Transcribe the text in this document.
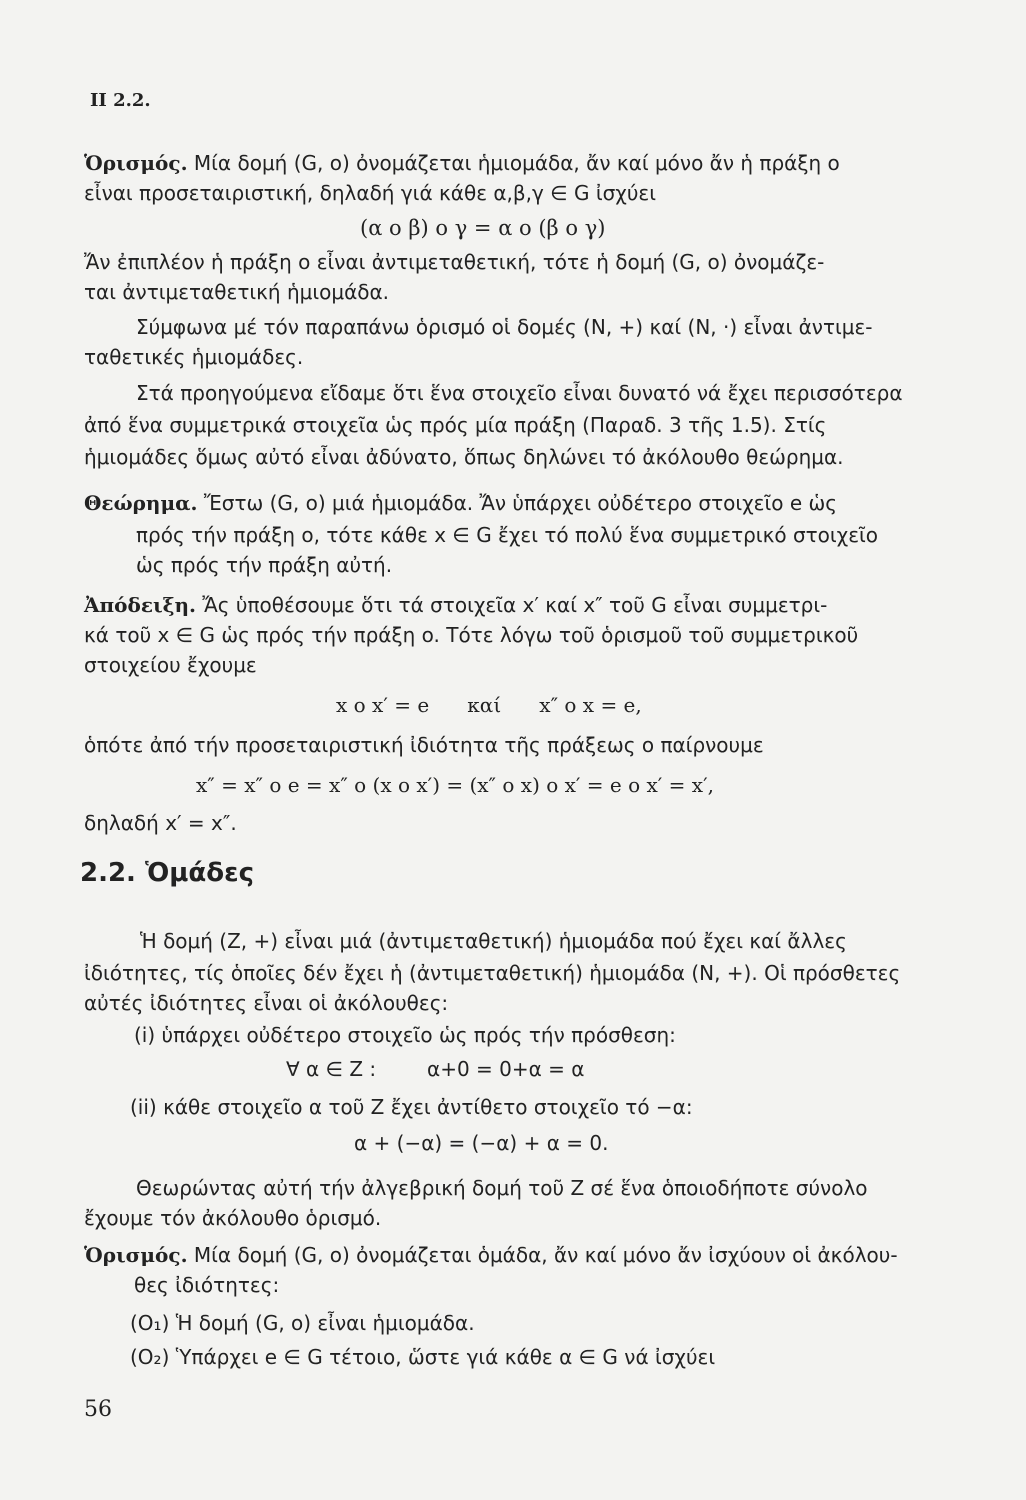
II 2.2.
Ὁρισμός. Μία δομή (G, o) ὀνομάζεται ἡμιομάδα, ἄν καί μόνο ἄν ἡ πράξη o
εἶναι προσεταιριστική, δηλαδή γιά κάθε α,β,γ ∈ G ἰσχύει
(α o β) o γ = α o (β o γ)
Ἄν ἐπιπλέον ἡ πράξη o εἶναι ἀντιμεταθετική, τότε ἡ δομή (G, o) ὀνομάζε-
ται ἀντιμεταθετική ἡμιομάδα.
Σύμφωνα μέ τόν παραπάνω ὁρισμό οἱ δομές (N, +) καί (N, ·) εἶναι ἀντιμε-
ταθετικές ἡμιομάδες.
Στά προηγούμενα εἴδαμε ὅτι ἕνα στοιχεῖο εἶναι δυνατό νά ἔχει περισσότερα
ἀπό ἕνα συμμετρικά στοιχεῖα ὡς πρός μία πράξη (Παραδ. 3 τῆς 1.5). Στίς
ἡμιομάδες ὅμως αὐτό εἶναι ἀδύνατο, ὅπως δηλώνει τό ἀκόλουθο θεώρημα.
Θεώρημα. Ἔστω (G, o) μιά ἡμιομάδα. Ἄν ὑπάρχει οὐδέτερο στοιχεῖο e ὡς
πρός τήν πράξη o, τότε κάθε x ∈ G ἔχει τό πολύ ἕνα συμμετρικό στοιχεῖο
ὡς πρός τήν πράξη αὐτή.
Ἀπόδειξη. Ἄς ὑποθέσουμε ὅτι τά στοιχεῖα x′ καί x″ τοῦ G εἶναι συμμετρι-
κά τοῦ x ∈ G ὡς πρός τήν πράξη o. Τότε λόγω τοῦ ὁρισμοῦ τοῦ συμμετρικοῦ
στοιχείου ἔχουμε
x o x′ = e      καί      x″ o x = e,
ὁπότε ἀπό τήν προσεταιριστική ἰδιότητα τῆς πράξεως o παίρνουμε
x″ = x″ o e = x″ o (x o x′) = (x″ o x) o x′ = e o x′ = x′,
δηλαδή x′ = x″.
2.2. Ὁμάδες
Ἡ δομή (Z, +) εἶναι μιά (ἀντιμεταθετική) ἡμιομάδα πού ἔχει καί ἄλλες
ἰδιότητες, τίς ὁποῖες δέν ἔχει ἡ (ἀντιμεταθετική) ἡμιομάδα (N, +). Οἱ πρόσθετες
αὐτές ἰδιότητες εἶναι οἱ ἀκόλουθες:
(i) ὑπάρχει οὐδέτερο στοιχεῖο ὡς πρός τήν πρόσθεση:
∀ α ∈ Z :        α+0 = 0+α = α
(ii) κάθε στοιχεῖο α τοῦ Z ἔχει ἀντίθετο στοιχεῖο τό −α:
α + (−α) = (−α) + α = 0.
Θεωρώντας αὐτή τήν ἀλγεβρική δομή τοῦ Z σέ ἕνα ὁποιοδήποτε σύνολο
ἔχουμε τόν ἀκόλουθο ὁρισμό.
Ὁρισμός. Μία δομή (G, o) ὀνομάζεται ὁμάδα, ἄν καί μόνο ἄν ἰσχύουν οἱ ἀκόλου-
θες ἰδιότητες:
(O₁) Ἡ δομή (G, o) εἶναι ἡμιομάδα.
(O₂) Ὑπάρχει e ∈ G τέτοιο, ὥστε γιά κάθε α ∈ G νά ἰσχύει
56
